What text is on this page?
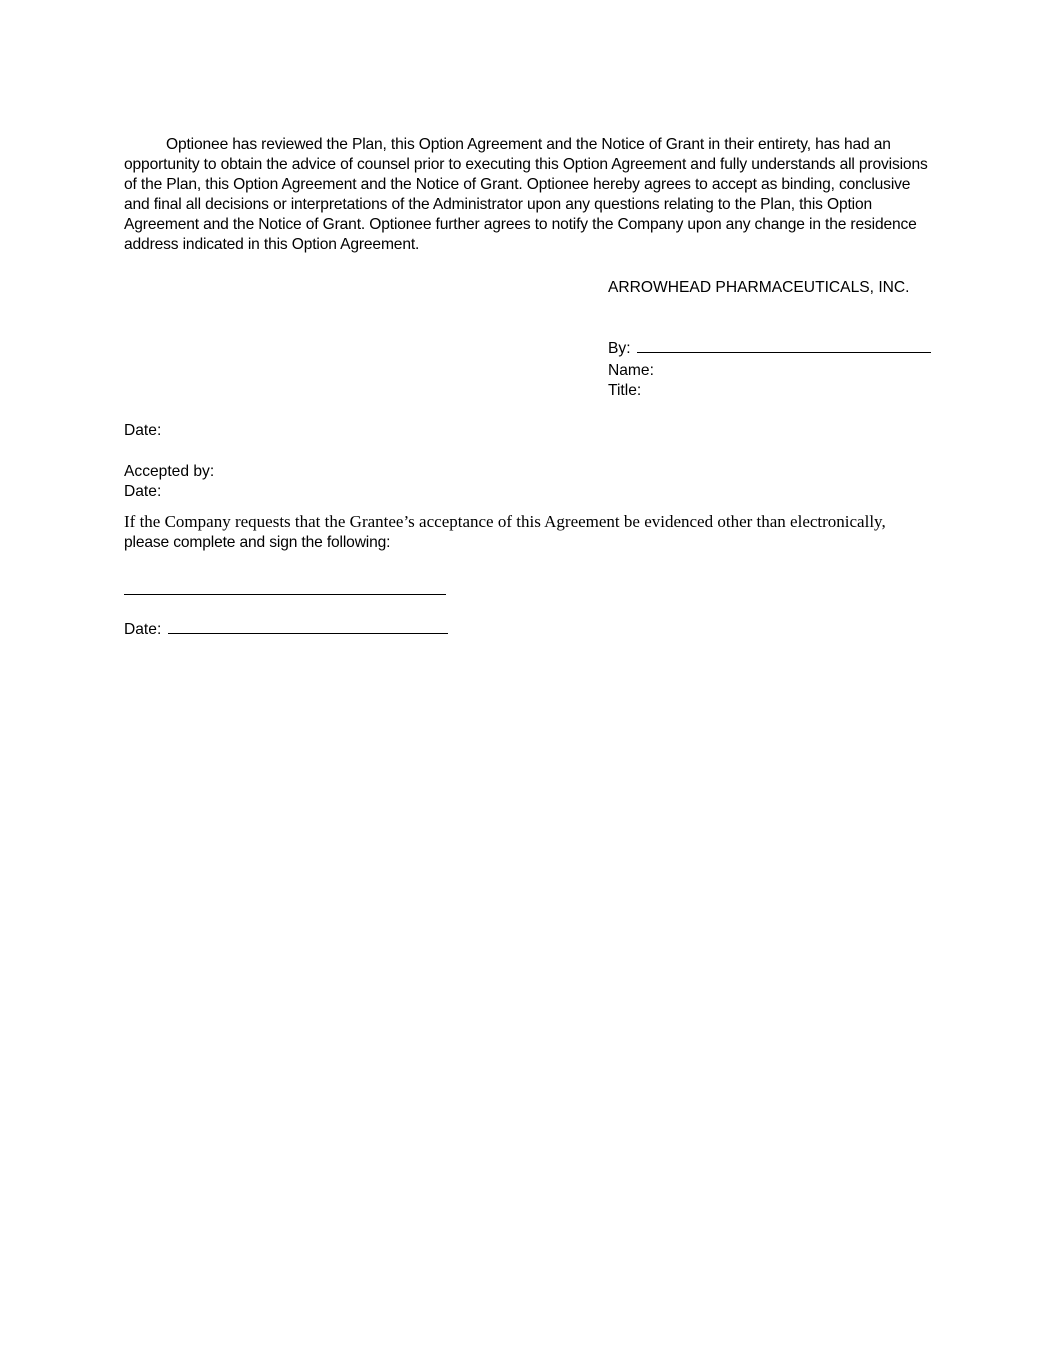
Optionee has reviewed the Plan, this Option Agreement and the Notice of Grant in their entirety, has had an opportunity to obtain the advice of counsel prior to executing this Option Agreement and fully understands all provisions of the Plan, this Option Agreement and the Notice of Grant. Optionee hereby agrees to accept as binding, conclusive and final all decisions or interpretations of the Administrator upon any questions relating to the Plan, this Option Agreement and the Notice of Grant. Optionee further agrees to notify the Company upon any change in the residence address indicated in this Option Agreement.

ARROWHEAD PHARMACEUTICALS, INC.
By:
Name:
Title:
Date:
Accepted by:
Date:

If the Company requests that the Grantee’s acceptance of this Agreement be evidenced other than electronically,
please complete and sign the following:

Date:
